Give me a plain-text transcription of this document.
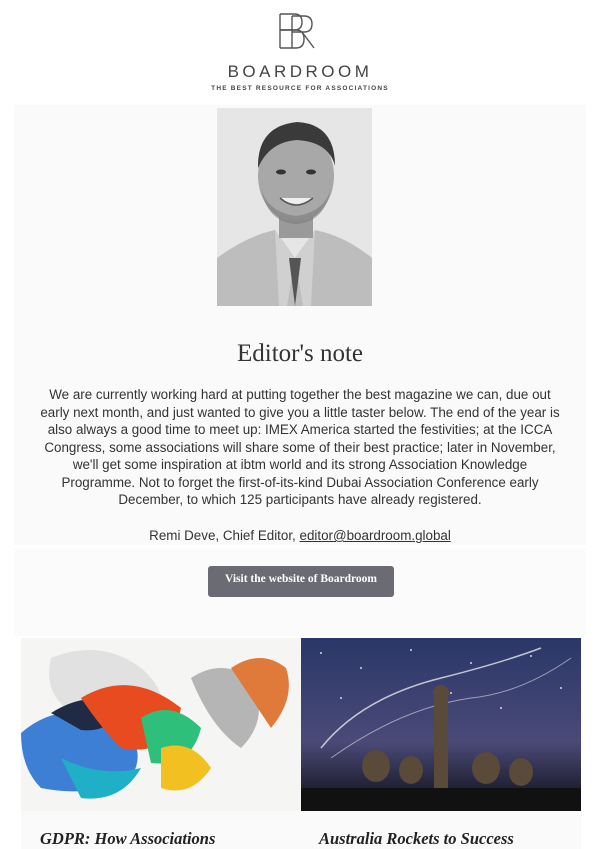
BOARDROOM
THE BEST RESOURCE FOR ASSOCIATIONS
Editor's note
We are currently working hard at putting together the best magazine we can, due out early next month, and just wanted to give you a little taster below. The end of the year is also always a good time to meet up: IMEX America started the festivities; at the ICCA Congress, some associations will share some of their best practice; later in November, we'll get some inspiration at ibtm world and its strong Association Knowledge Programme. Not to forget the first-of-its-kind Dubai Association Conference early December, to which 125 participants have already registered.
Remi Deve, Chief Editor, editor@boardroom.global
Visit the website of Boardroom
GDPR: How Associations	Australia Rockets to Success
